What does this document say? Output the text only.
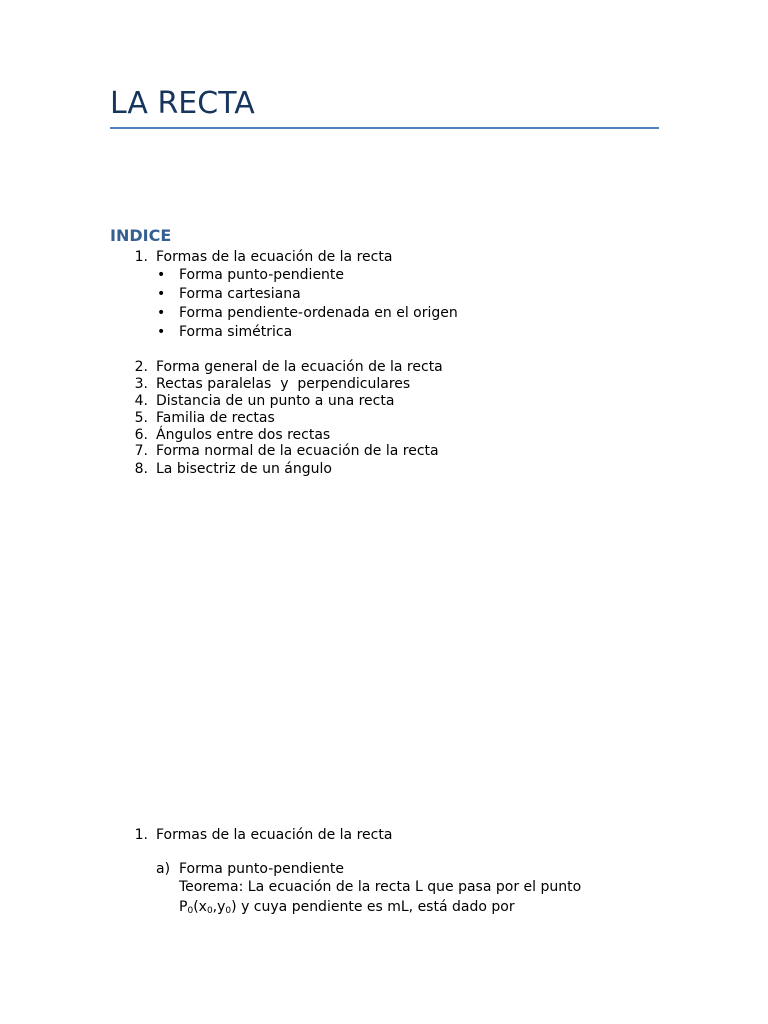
LA RECTA
INDICE
1. Formas de la ecuación de la recta
• Forma punto-pendiente
• Forma cartesiana
• Forma pendiente-ordenada en el origen
• Forma simétrica
2. Forma general de la ecuación de la recta
3. Rectas paralelas  y  perpendiculares
4. Distancia de un punto a una recta
5. Familia de rectas
6. Ángulos entre dos rectas
7. Forma normal de la ecuación de la recta
8. La bisectriz de un ángulo
1. Formas de la ecuación de la recta
a) Forma punto-pendiente
Teorema: La ecuación de la recta L que pasa por el punto
$P_0(x_0,y_0)$ y cuya pendiente es mL, está dado por
